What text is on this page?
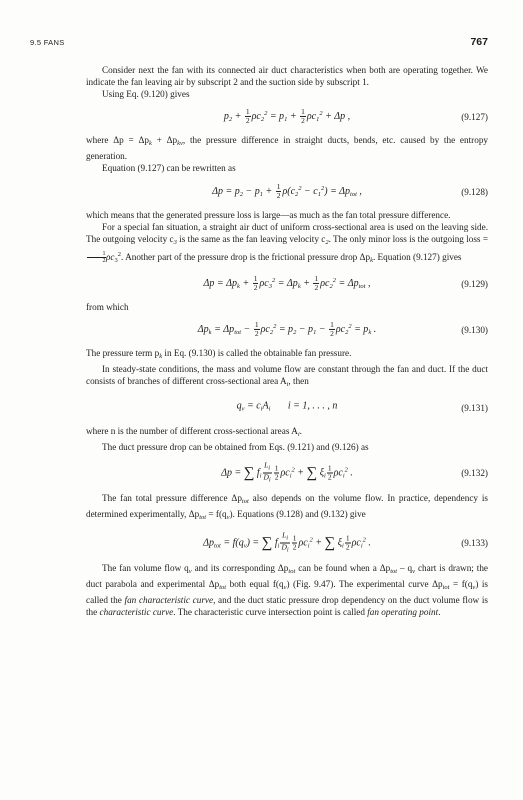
9.5 FANS	767

Consider next the fan with its connected air duct characteristics when both are operating together. We indicate the fan leaving air by subscript 2 and the suction side by subscript 1.

Using Eq. (9.120) gives

$p_2 + \frac{1}{2} \rho c_2^2 = p_1 + \frac{1}{2} \rho c_1^2 + \Delta p$ ,	(9.127)

where $\Delta p = \Delta p_k + \Delta p_{kv}$, the pressure difference in straight ducts, bends, etc. caused by the entropy generation.

Equation (9.127) can be rewritten as

$\Delta p = p_2 - p_1 + \frac{1}{2} \rho(c_2^2 - c_1^2) = \Delta p_{tot}$ ,	(9.128)

which means that the generated pressure loss is large—as much as the fan total pressure difference.

For a special fan situation, a straight air duct of uniform cross-sectional area is used on the leaving side. The outgoing velocity $c_3$ is the same as the fan leaving velocity $c_2$. The only minor loss is the outgoing loss =
$\frac{1}{2} \rho c_3^2$. Another part of the pressure drop is the frictional pressure drop $\Delta p_k$. Equation (9.127) gives

$\Delta p = \Delta p_k + \frac{1}{2} \rho c_3^2 = \Delta p_k + \frac{1}{2} \rho c_2^2 = \Delta p_{tot}$ ,	(9.129)

from which

$\Delta p_k = \Delta p_{tot} - \frac{1}{2} \rho c_2^2 = p_2 - p_1 - \frac{1}{2} \rho c_2^2 = p_k$ .	(9.130)

The pressure term $p_k$ in Eq. (9.130) is called the obtainable fan pressure.

In steady-state conditions, the mass and volume flow are constant through the fan and duct. If the duct consists of branches of different cross-sectional area $A_i$, then

$q_v = c_iA_i$       i = 1, . . . , n	(9.131)

where n is the number of different cross-sectional areas $A_i$.

The duct pressure drop can be obtained from Eqs. (9.121) and (9.126) as

Δp = ∑ $f_i \frac{L_i}{D_i} \frac{1}{2} \rho c_i^2$ + ∑ $\xi_i \frac{1}{2} \rho c_i^2$ .	(9.132)

The fan total pressure difference $\Delta p_{tot}$ also depends on the volume flow. In practice, dependency is determined experimentally, $\Delta p_{tot} = f(q_v)$. Equations (9.128) and (9.132) give

$\Delta p_{tot} = f(q_v)$ = ∑ $f_i \frac{L_i}{D_i} \frac{1}{2} \rho c_i^2$ + ∑ $\xi_i \frac{1}{2} \rho c_i^2$ .	(9.133)

The fan volume flow $q_v$ and its corresponding $\Delta p_{tot}$ can be found when a $\Delta p_{tot} - q_v$ chart is drawn; the duct parabola and experimental $\Delta p_{tot}$ both equal $f(q_v)$ (Fig. 9.47). The experimental curve $\Delta p_{tot} = f(q_v)$ is called the fan characteristic curve, and the duct static pressure drop dependency on the duct volume flow is the characteristic curve. The characteristic curve intersection point is called fan operating point.
